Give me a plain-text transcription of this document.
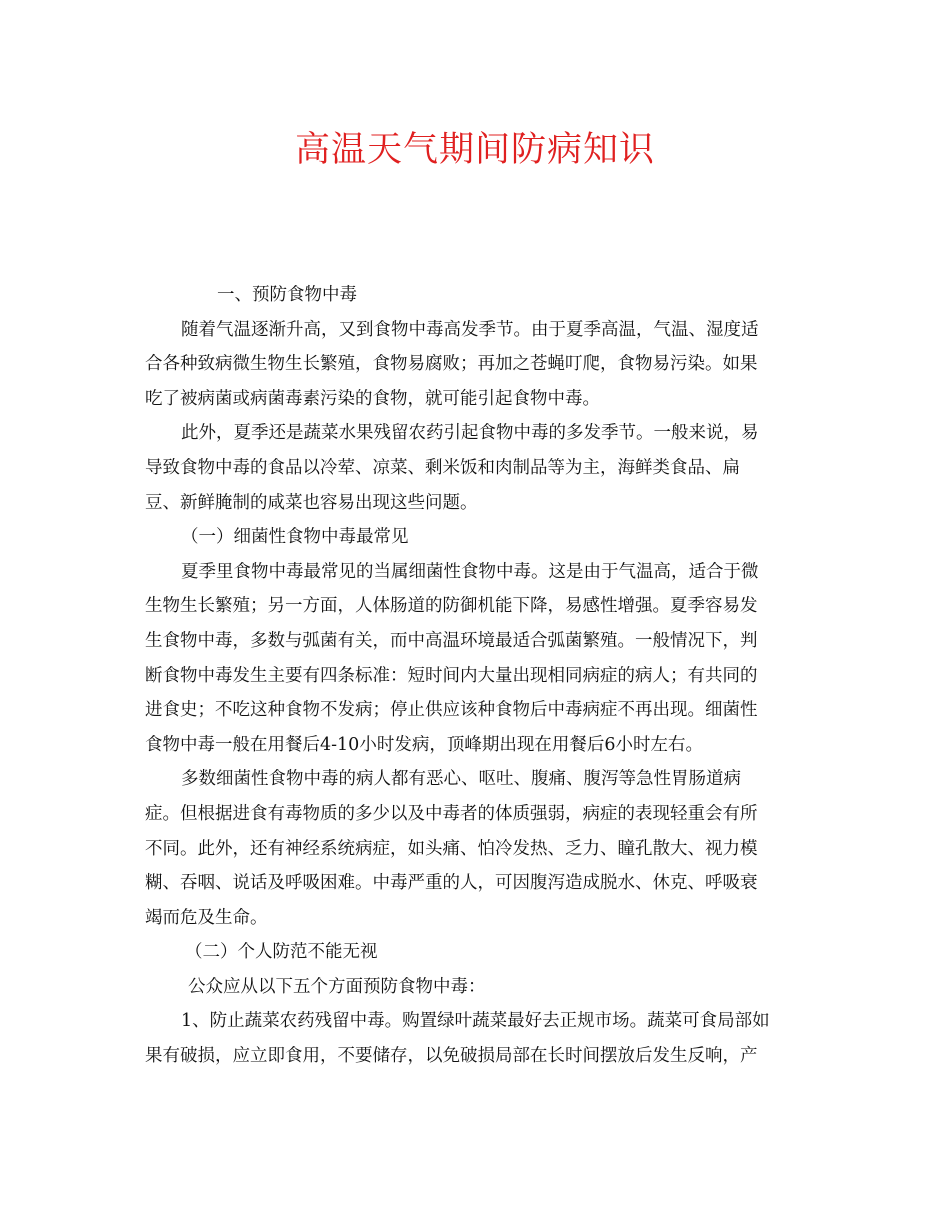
高温天气期间防病知识
一、预防食物中毒
随着气温逐渐升高，又到食物中毒高发季节。由于夏季高温，气温、湿度适
合各种致病微生物生长繁殖，食物易腐败；再加之苍蝇叮爬，食物易污染。如果
吃了被病菌或病菌毒素污染的食物，就可能引起食物中毒。
此外，夏季还是蔬菜水果残留农药引起食物中毒的多发季节。一般来说，易
导致食物中毒的食品以冷荤、凉菜、剩米饭和肉制品等为主，海鲜类食品、扁
豆、新鲜腌制的咸菜也容易出现这些问题。
（一）细菌性食物中毒最常见
夏季里食物中毒最常见的当属细菌性食物中毒。这是由于气温高，适合于微
生物生长繁殖；另一方面，人体肠道的防御机能下降，易感性增强。夏季容易发
生食物中毒，多数与弧菌有关，而中高温环境最适合弧菌繁殖。一般情况下，判
断食物中毒发生主要有四条标准：短时间内大量出现相同病症的病人；有共同的
进食史；不吃这种食物不发病；停止供应该种食物后中毒病症不再出现。细菌性
食物中毒一般在用餐后4-10小时发病，顶峰期出现在用餐后6小时左右。
多数细菌性食物中毒的病人都有恶心、呕吐、腹痛、腹泻等急性胃肠道病
症。但根据进食有毒物质的多少以及中毒者的体质强弱，病症的表现轻重会有所
不同。此外，还有神经系统病症，如头痛、怕冷发热、乏力、瞳孔散大、视力模
糊、吞咽、说话及呼吸困难。中毒严重的人，可因腹泻造成脱水、休克、呼吸衰
竭而危及生命。
（二）个人防范不能无视
公众应从以下五个方面预防食物中毒：
1、防止蔬菜农药残留中毒。购置绿叶蔬菜最好去正规市场。蔬菜可食局部如
果有破损，应立即食用，不要储存，以免破损局部在长时间摆放后发生反响，产
